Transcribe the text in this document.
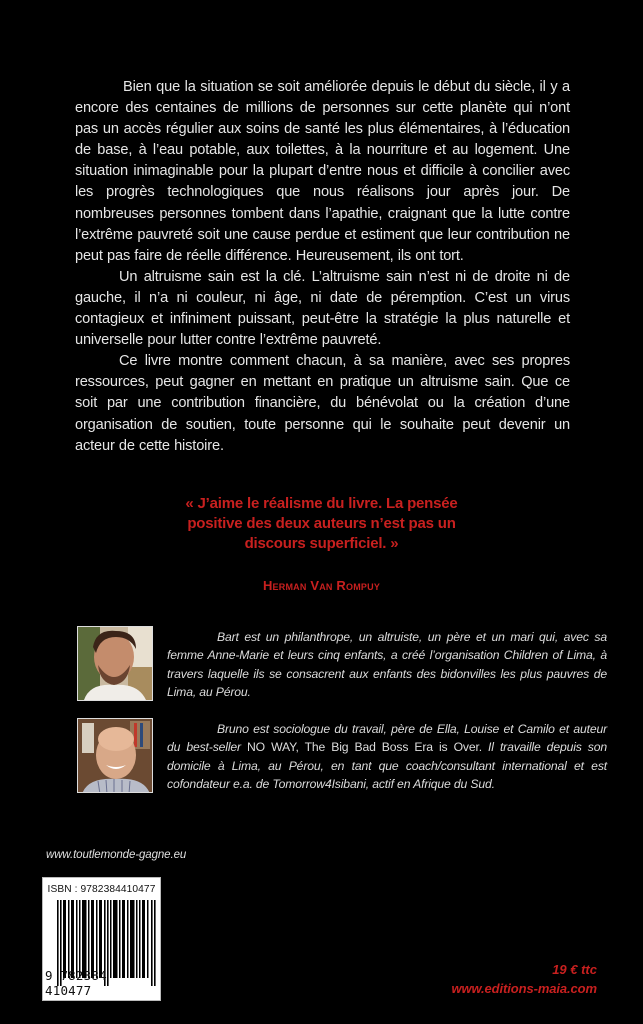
Bien que la situation se soit améliorée depuis le début du siècle, il y a encore des centaines de millions de personnes sur cette planète qui n’ont pas un accès régulier aux soins de santé les plus élémentaires, à l’éducation de base, à l’eau potable, aux toilettes, à la nourriture et au logement. Une situation inimaginable pour la plupart d’entre nous et difficile à concilier avec les progrès technologiques que nous réalisons jour après jour. De nombreuses personnes tombent dans l’apathie, craignant que la lutte contre l’extrême pauvreté soit une cause perdue et estiment que leur contribution ne peut pas faire de réelle différence. Heureusement, ils ont tort.

Un altruisme sain est la clé. L’altruisme sain n’est ni de droite ni de gauche, il n’a ni couleur, ni âge, ni date de péremption. C’est un virus contagieux et infiniment puissant, peut-être la stratégie la plus naturelle et universelle pour lutter contre l’extrême pauvreté.

Ce livre montre comment chacun, à sa manière, avec ses propres ressources, peut gagner en mettant en pratique un altruisme sain. Que ce soit par une contribution financière, du bénévolat ou la création d’une organisation de soutien, toute personne qui le souhaite peut devenir un acteur de cette histoire.

« J’aime le réalisme du livre. La pensée positive des deux auteurs n’est pas un discours superficiel. »
Herman Van Rompuy
Bart est un philanthrope, un altruiste, un père et un mari qui, avec sa femme Anne-Marie et leurs cinq enfants, a créé l’organisation Children of Lima, à travers laquelle ils se consacrent aux enfants des bidonvilles les plus pauvres de Lima, au Pérou.
Bruno est sociologue du travail, père de Ella, Louise et Camilo et auteur du best-seller NO WAY, The Big Bad Boss Era is Over. Il travaille depuis son domicile à Lima, au Pérou, en tant que coach/consultant international et est cofondateur e.a. de Tomorrow4Isibani, actif en Afrique du Sud.
www.toutlemonde-gagne.eu
ISBN : 9782384410477
9 782384 410477
19 € ttc
www.editions-maia.com
